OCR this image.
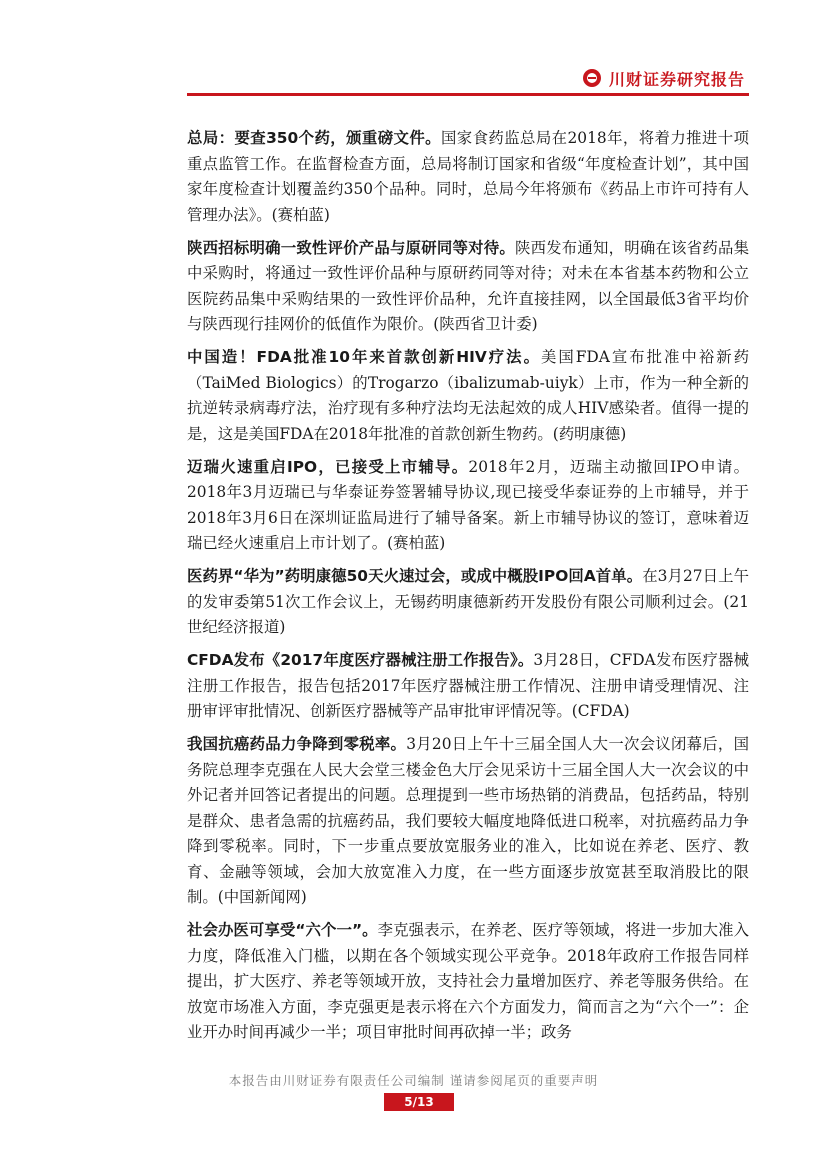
川财证券研究报告

总局：要查350个药，颁重磅文件。国家食药监总局在2018年，将着力推进十项重点监管工作。在监督检查方面，总局将制订国家和省级“年度检查计划”，其中国家年度检查计划覆盖约350个品种。同时，总局今年将颁布《药品上市许可持有人管理办法》。(赛柏蓝)

陕西招标明确一致性评价产品与原研同等对待。陕西发布通知，明确在该省药品集中采购时，将通过一致性评价品种与原研药同等对待；对未在本省基本药物和公立医院药品集中采购结果的一致性评价品种，允许直接挂网，以全国最低3省平均价与陕西现行挂网价的低值作为限价。(陕西省卫计委)

中国造！FDA批准10年来首款创新HIV疗法。美国FDA宣布批准中裕新药（TaiMed Biologics）的Trogarzo（ibalizumab-uiyk）上市，作为一种全新的抗逆转录病毒疗法，治疗现有多种疗法均无法起效的成人HIV感染者。值得一提的是，这是美国FDA在2018年批准的首款创新生物药。(药明康德)

迈瑞火速重启IPO，已接受上市辅导。2018年2月，迈瑞主动撤回IPO申请。2018年3月迈瑞已与华泰证券签署辅导协议,现已接受华泰证券的上市辅导，并于2018年3月6日在深圳证监局进行了辅导备案。新上市辅导协议的签订，意味着迈瑞已经火速重启上市计划了。(赛柏蓝)

医药界“华为”药明康德50天火速过会，或成中概股IPO回A首单。在3月27日上午的发审委第51次工作会议上，无锡药明康德新药开发股份有限公司顺利过会。(21世纪经济报道)

CFDA发布《2017年度医疗器械注册工作报告》。3月28日，CFDA发布医疗器械注册工作报告，报告包括2017年医疗器械注册工作情况、注册申请受理情况、注册审评审批情况、创新医疗器械等产品审批审评情况等。(CFDA)

我国抗癌药品力争降到零税率。3月20日上午十三届全国人大一次会议闭幕后，国务院总理李克强在人民大会堂三楼金色大厅会见采访十三届全国人大一次会议的中外记者并回答记者提出的问题。总理提到一些市场热销的消费品，包括药品，特别是群众、患者急需的抗癌药品，我们要较大幅度地降低进口税率，对抗癌药品力争降到零税率。同时，下一步重点要放宽服务业的准入，比如说在养老、医疗、教育、金融等领域，会加大放宽准入力度，在一些方面逐步放宽甚至取消股比的限制。(中国新闻网)

社会办医可享受“六个一”。李克强表示，在养老、医疗等领域，将进一步加大准入力度，降低准入门槛，以期在各个领域实现公平竞争。2018年政府工作报告同样提出，扩大医疗、养老等领域开放，支持社会力量增加医疗、养老等服务供给。在放宽市场准入方面，李克强更是表示将在六个方面发力，简而言之为“六个一”：企业开办时间再减少一半；项目审批时间再砍掉一半；政务

本报告由川财证券有限责任公司编制 谨请参阅尾页的重要声明
5/13
